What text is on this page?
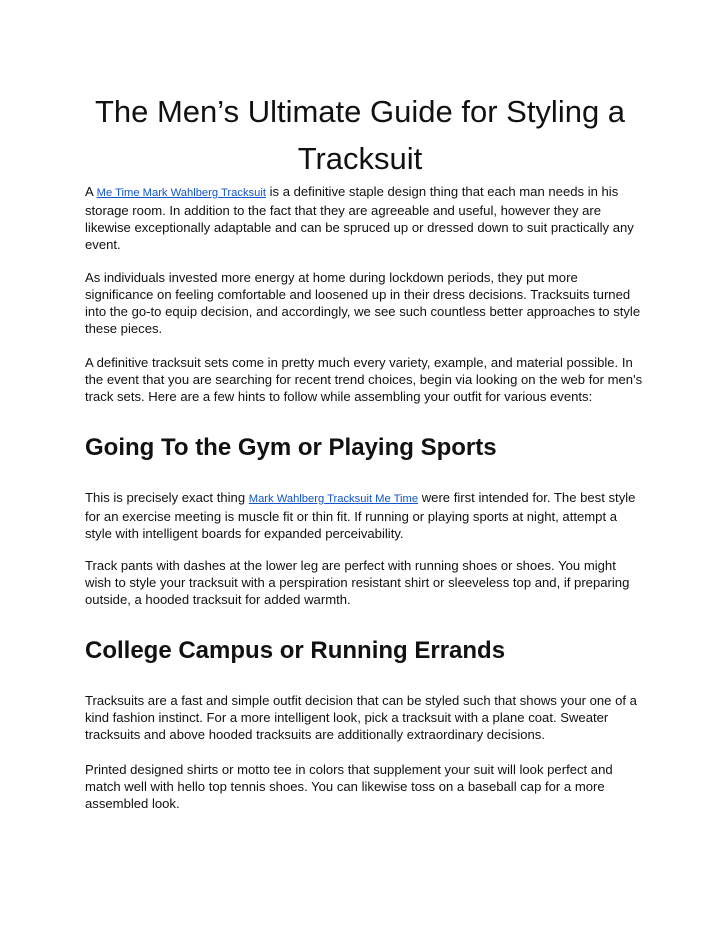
The Men’s Ultimate Guide for Styling a Tracksuit

A Me Time Mark Wahlberg Tracksuit is a definitive staple design thing that each man needs in his storage room. In addition to the fact that they are agreeable and useful, however they are likewise exceptionally adaptable and can be spruced up or dressed down to suit practically any event.

As individuals invested more energy at home during lockdown periods, they put more significance on feeling comfortable and loosened up in their dress decisions. Tracksuits turned into the go-to equip decision, and accordingly, we see such countless better approaches to style these pieces.

A definitive tracksuit sets come in pretty much every variety, example, and material possible. In the event that you are searching for recent trend choices, begin via looking on the web for men's track sets. Here are a few hints to follow while assembling your outfit for various events:

Going To the Gym or Playing Sports

This is precisely exact thing Mark Wahlberg Tracksuit Me Time were first intended for. The best style for an exercise meeting is muscle fit or thin fit. If running or playing sports at night, attempt a style with intelligent boards for expanded perceivability.

Track pants with dashes at the lower leg are perfect with running shoes or shoes. You might wish to style your tracksuit with a perspiration resistant shirt or sleeveless top and, if preparing outside, a hooded tracksuit for added warmth.

College Campus or Running Errands

Tracksuits are a fast and simple outfit decision that can be styled such that shows your one of a kind fashion instinct. For a more intelligent look, pick a tracksuit with a plane coat. Sweater tracksuits and above hooded tracksuits are additionally extraordinary decisions.

Printed designed shirts or motto tee in colors that supplement your suit will look perfect and match well with hello top tennis shoes. You can likewise toss on a baseball cap for a more assembled look.
